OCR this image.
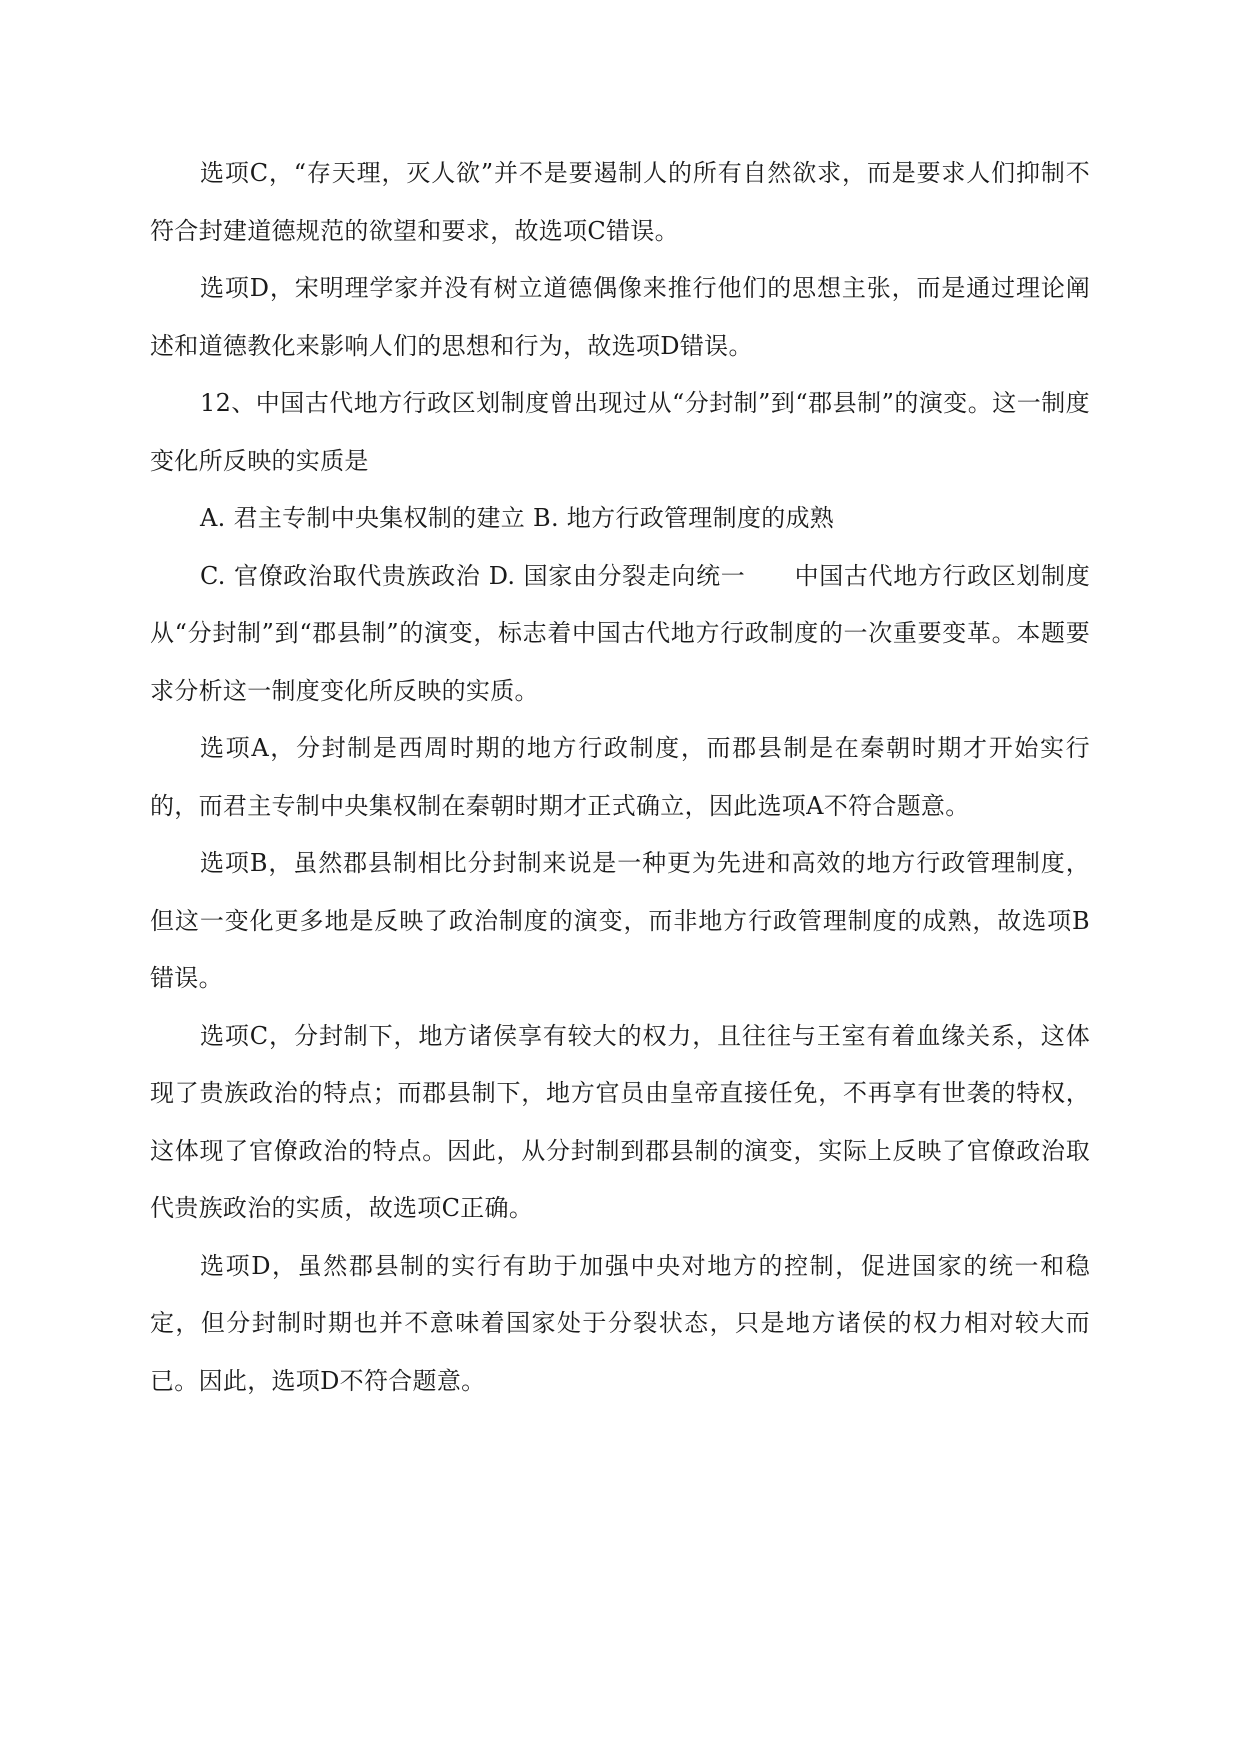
选项C，“存天理，灭人欲”并不是要遏制人的所有自然欲求，而是要求人们抑制不符合封建道德规范的欲望和要求，故选项C错误。

选项D，宋明理学家并没有树立道德偶像来推行他们的思想主张，而是通过理论阐述和道德教化来影响人们的思想和行为，故选项D错误。

12、中国古代地方行政区划制度曾出现过从“分封制”到“郡县制”的演变。这一制度变化所反映的实质是

A. 君主专制中央集权制的建立 B. 地方行政管理制度的成熟

C. 官僚政治取代贵族政治 D. 国家由分裂走向统一　　中国古代地方行政区划制度从“分封制”到“郡县制”的演变，标志着中国古代地方行政制度的一次重要变革。本题要求分析这一制度变化所反映的实质。

选项A，分封制是西周时期的地方行政制度，而郡县制是在秦朝时期才开始实行的，而君主专制中央集权制在秦朝时期才正式确立，因此选项A不符合题意。

选项B，虽然郡县制相比分封制来说是一种更为先进和高效的地方行政管理制度，但这一变化更多地是反映了政治制度的演变，而非地方行政管理制度的成熟，故选项B错误。

选项C，分封制下，地方诸侯享有较大的权力，且往往与王室有着血缘关系，这体现了贵族政治的特点；而郡县制下，地方官员由皇帝直接任免，不再享有世袭的特权，这体现了官僚政治的特点。因此，从分封制到郡县制的演变，实际上反映了官僚政治取代贵族政治的实质，故选项C正确。

选项D，虽然郡县制的实行有助于加强中央对地方的控制，促进国家的统一和稳定，但分封制时期也并不意味着国家处于分裂状态，只是地方诸侯的权力相对较大而已。因此，选项D不符合题意。
